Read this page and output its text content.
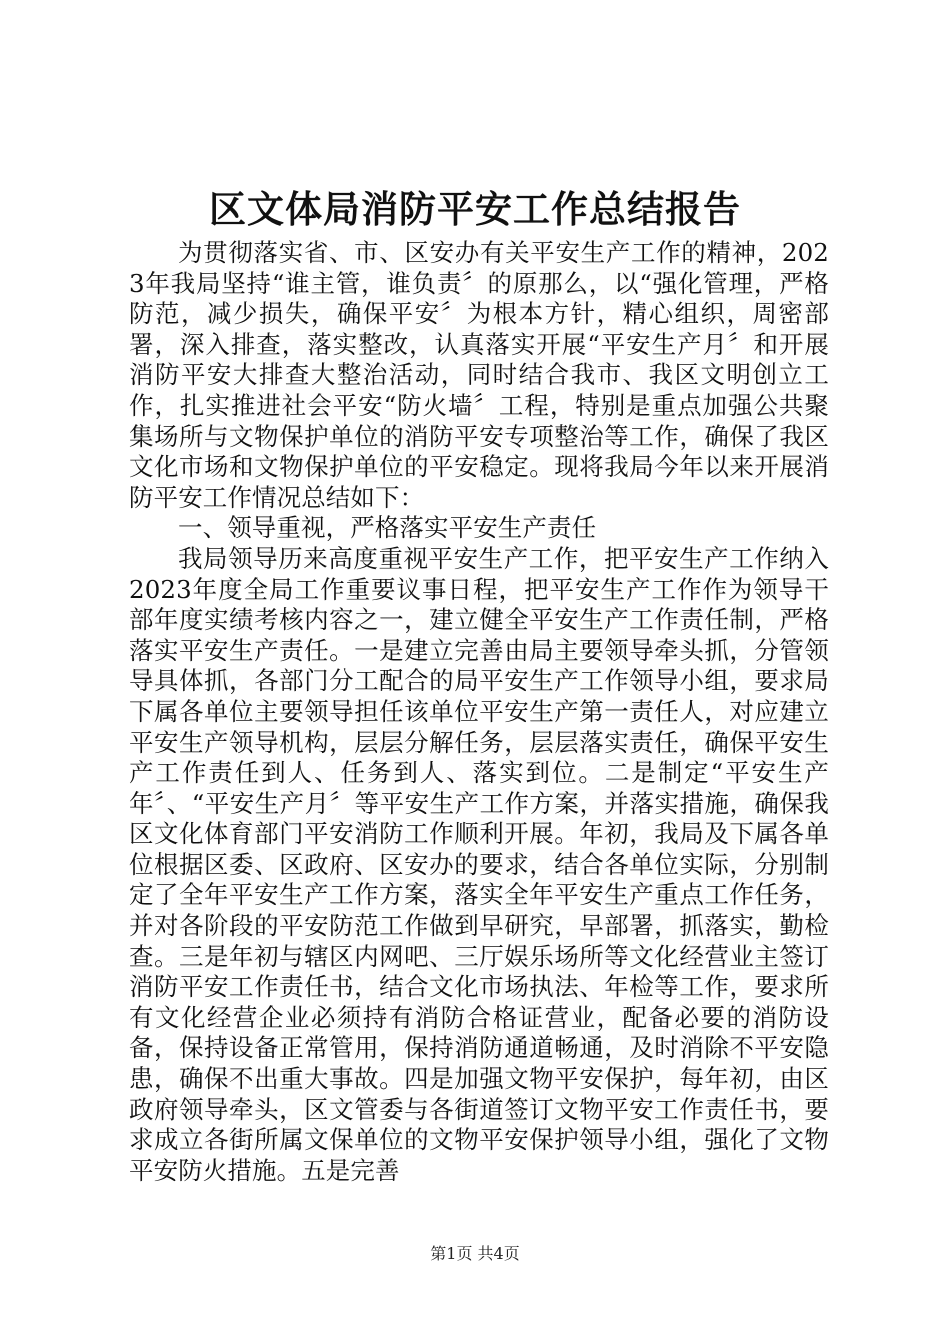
区文体局消防平安工作总结报告

为贯彻落实省、市、区安办有关平安生产工作的精神，2023年我局坚持“谁主管，谁负责〞的原那么，以“强化管理，严格防范，减少损失，确保平安〞为根本方针，精心组织，周密部署，深入排查，落实整改，认真落实开展“平安生产月〞和开展消防平安大排查大整治活动，同时结合我市、我区文明创立工作，扎实推进社会平安“防火墙〞工程，特别是重点加强公共聚集场所与文物保护单位的消防平安专项整治等工作，确保了我区文化市场和文物保护单位的平安稳定。现将我局今年以来开展消防平安工作情况总结如下：

一、领导重视，严格落实平安生产责任

我局领导历来高度重视平安生产工作，把平安生产工作纳入2023年度全局工作重要议事日程，把平安生产工作作为领导干部年度实绩考核内容之一，建立健全平安生产工作责任制，严格落实平安生产责任。一是建立完善由局主要领导牵头抓，分管领导具体抓，各部门分工配合的局平安生产工作领导小组，要求局下属各单位主要领导担任该单位平安生产第一责任人，对应建立平安生产领导机构，层层分解任务，层层落实责任，确保平安生产工作责任到人、任务到人、落实到位。二是制定“平安生产年〞、“平安生产月〞等平安生产工作方案，并落实措施，确保我区文化体育部门平安消防工作顺利开展。年初，我局及下属各单位根据区委、区政府、区安办的要求，结合各单位实际，分别制定了全年平安生产工作方案，落实全年平安生产重点工作任务，并对各阶段的平安防范工作做到早研究，早部署，抓落实，勤检查。三是年初与辖区内网吧、三厅娱乐场所等文化经营业主签订消防平安工作责任书，结合文化市场执法、年检等工作，要求所有文化经营企业必须持有消防合格证营业，配备必要的消防设备，保持设备正常管用，保持消防通道畅通，及时消除不平安隐患，确保不出重大事故。四是加强文物平安保护，每年初，由区政府领导牵头，区文管委与各街道签订文物平安工作责任书，要求成立各街所属文保单位的文物平安保护领导小组，强化了文物平安防火措施。五是完善

第1页 共4页
